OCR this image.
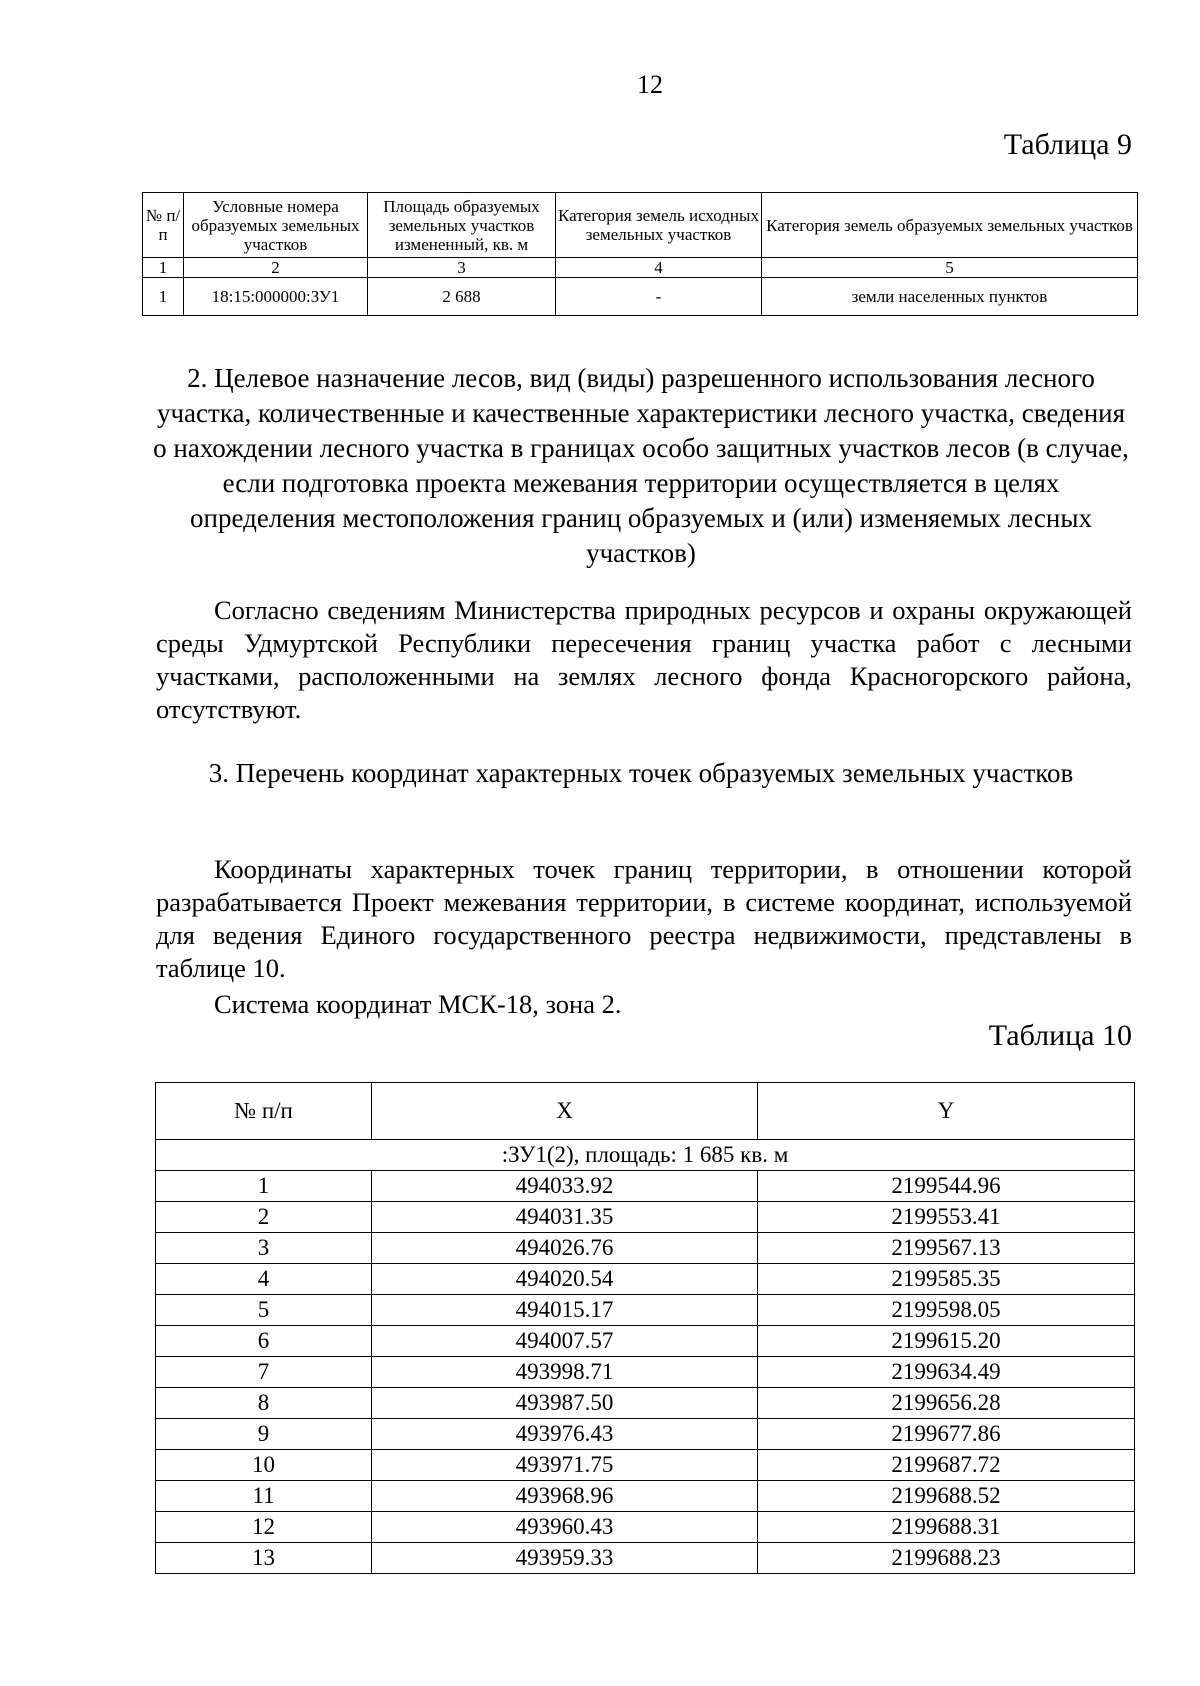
12
Таблица 9
№ п/п	Условные номера образуемых земельных участков	Площадь образуемых земельных участков измененный, кв. м	Категория земель исходных земельных участков	Категория земель образуемых земельных участков
1	2	3	4	5
1	18:15:000000:ЗУ1	2 688	-	земли населенных пунктов
2. Целевое назначение лесов, вид (виды) разрешенного использования лесного участка, количественные и качественные характеристики лесного участка, сведения о нахождении лесного участка в границах особо защитных участков лесов (в случае, если подготовка проекта межевания территории осуществляется в целях определения местоположения границ образуемых и (или) изменяемых лесных участков)
Согласно сведениям Министерства природных ресурсов и охраны окружающей среды Удмуртской Республики пересечения границ участка работ с лесными участками, расположенными на землях лесного фонда Красногорского района, отсутствуют.
3. Перечень координат характерных точек образуемых земельных участков
Координаты характерных точек границ территории, в отношении которой разрабатывается Проект межевания территории, в системе координат, используемой для ведения Единого государственного реестра недвижимости, представлены в таблице 10.
Система координат МСК-18, зона 2.
Таблица 10
№ п/п	X	Y
:ЗУ1(2), площадь: 1 685 кв. м		
1	494033.92	2199544.96
2	494031.35	2199553.41
3	494026.76	2199567.13
4	494020.54	2199585.35
5	494015.17	2199598.05
6	494007.57	2199615.20
7	493998.71	2199634.49
8	493987.50	2199656.28
9	493976.43	2199677.86
10	493971.75	2199687.72
11	493968.96	2199688.52
12	493960.43	2199688.31
13	493959.33	2199688.23
